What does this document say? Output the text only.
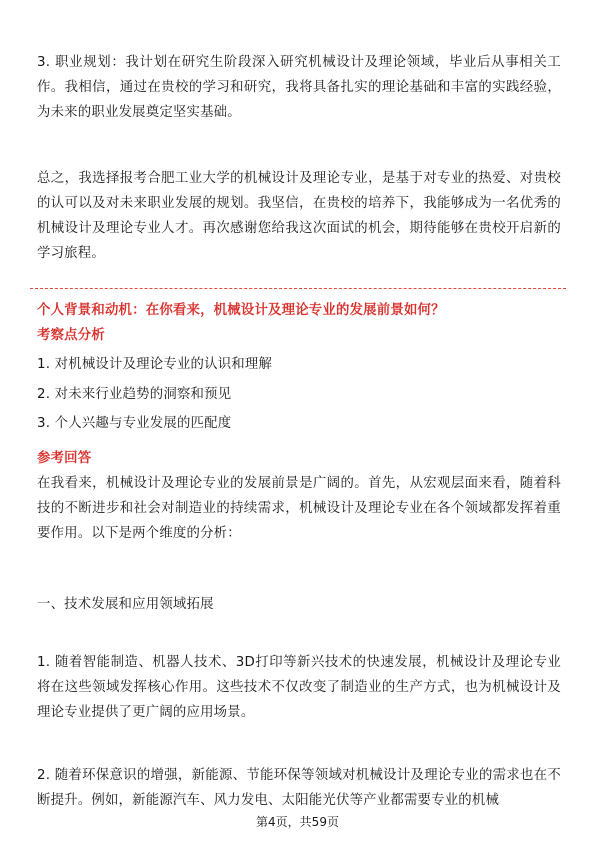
3. 职业规划：我计划在研究生阶段深入研究机械设计及理论领域，毕业后从事相关工作。我相信，通过在贵校的学习和研究，我将具备扎实的理论基础和丰富的实践经验，为未来的职业发展奠定坚实基础。

总之，我选择报考合肥工业大学的机械设计及理论专业，是基于对专业的热爱、对贵校的认可以及对未来职业发展的规划。我坚信，在贵校的培养下，我能够成为一名优秀的机械设计及理论专业人才。再次感谢您给我这次面试的机会，期待能够在贵校开启新的学习旅程。

个人背景和动机：在你看来，机械设计及理论专业的发展前景如何？
考察点分析
1. 对机械设计及理论专业的认识和理解
2. 对未来行业趋势的洞察和预见
3. 个人兴趣与专业发展的匹配度
参考回答

在我看来，机械设计及理论专业的发展前景是广阔的。首先，从宏观层面来看，随着科技的不断进步和社会对制造业的持续需求，机械设计及理论专业在各个领域都发挥着重要作用。以下是两个维度的分析：

一、技术发展和应用领域拓展

1. 随着智能制造、机器人技术、3D打印等新兴技术的快速发展，机械设计及理论专业将在这些领域发挥核心作用。这些技术不仅改变了制造业的生产方式，也为机械设计及理论专业提供了更广阔的应用场景。

2. 随着环保意识的增强，新能源、节能环保等领域对机械设计及理论专业的需求也在不断提升。例如，新能源汽车、风力发电、太阳能光伏等产业都需要专业的机械

第4页，共59页
